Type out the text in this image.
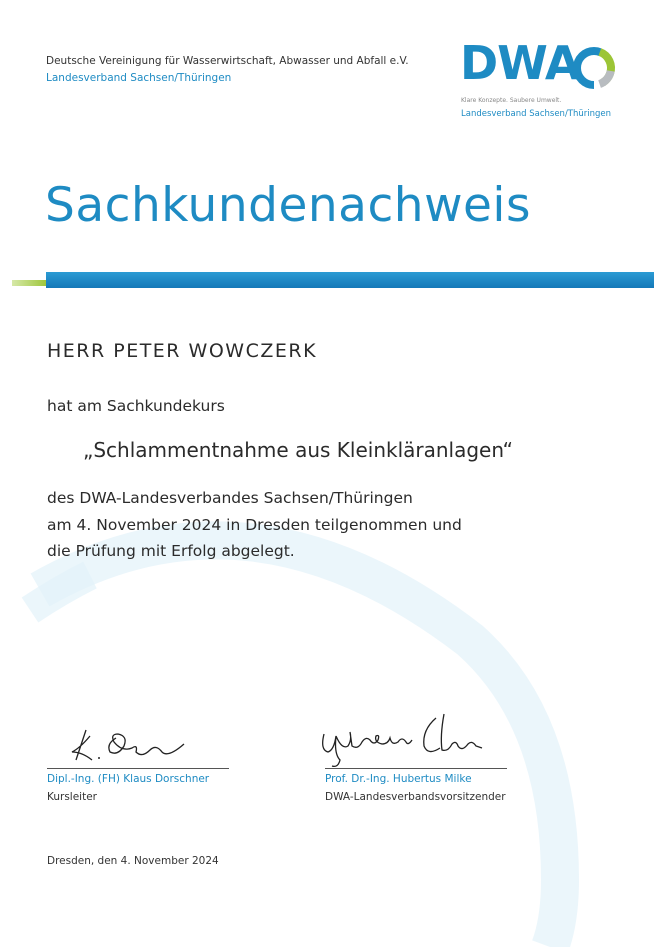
Deutsche Vereinigung für Wasserwirtschaft, Abwasser und Abfall e.V.
Landesverband Sachsen/Thüringen	DWA
Klare Konzepte. Saubere Umwelt.
Landesverband Sachsen/Thüringen
Sachkundenachweis
HERR PETER WOWCZERK
hat am Sachkundekurs
„Schlammentnahme aus Kleinkläranlagen“
des DWA-Landesverbandes Sachsen/Thüringen
am 4. November 2024 in Dresden teilgenommen und
die Prüfung mit Erfolg abgelegt.
Dipl.-Ing. (FH) Klaus Dorschner
Kursleiter
Prof. Dr.-Ing. Hubertus Milke
DWA-Landesverbandsvorsitzender
Dresden, den 4. November 2024
